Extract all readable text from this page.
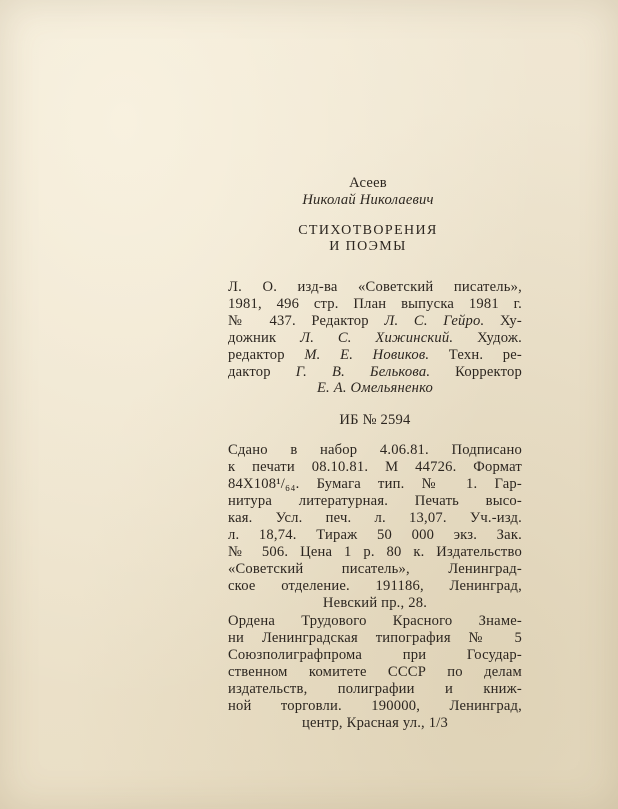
Асеев
Николай Николаевич
СТИХОТВОРЕНИЯ
И ПОЭМЫ
Л. О. изд-ва «Советский писатель»,
1981, 496 стр. План выпуска 1981 г.
№ 437. Редактор Л. С. Гейро. Ху-
дожник Л. С. Хижинский. Худож.
редактор М. Е. Новиков. Техн. ре-
дактор Г. В. Белькова. Корректор
Е. А. Омельяненко
ИБ № 2594
Сдано в набор 4.06.81. Подписано
к печати 08.10.81. М 44726. Формат
84Х108¹/₆₄. Бумага тип. № 1. Гар-
нитура литературная. Печать высо-
кая. Усл. печ. л. 13,07. Уч.-изд.
л. 18,74. Тираж 50 000 экз. Зак.
№ 506. Цена 1 р. 80 к. Издательство
«Советский писатель», Ленинград-
ское отделение. 191186, Ленинград,
Невский пр., 28.
Ордена Трудового Красного Знаме-
ни Ленинградская типография № 5
Союзполиграфпрома при Государ-
ственном комитете СССР по делам
издательств, полиграфии и книж-
ной торговли. 190000, Ленинград,
центр, Красная ул., 1/3
